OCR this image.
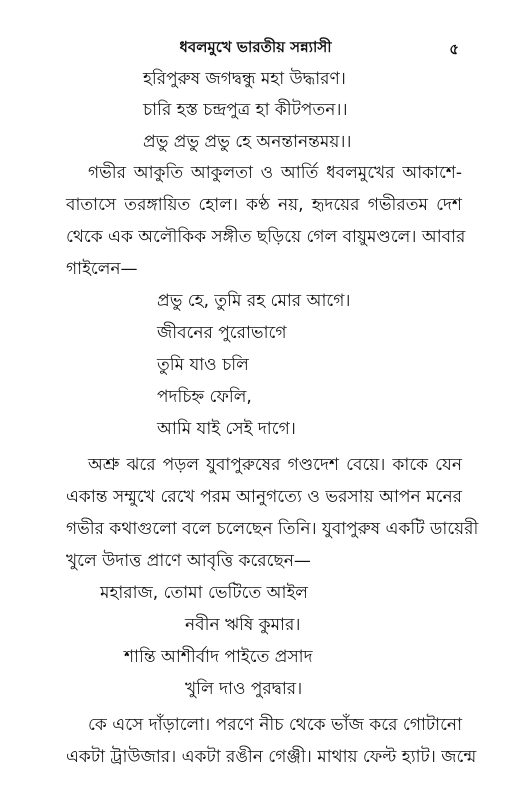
ধবলমুখে ভারতীয় সন্ন্যাসী	৫
হরিপুরুষ জগদ্বন্ধু মহা উদ্ধারণ।
চারি হস্ত চন্দ্রপুত্র হা কীটপতন।।
প্রভু প্রভু প্রভু হে অনন্তানন্তময়।।
গভীর আকুতি আকুলতা ও আর্তি ধবলমুখের আকাশে-
বাতাসে তরঙ্গায়িত হোল। কণ্ঠ নয়, হৃদয়ের গভীরতম দেশ
থেকে এক অলৌকিক সঙ্গীত ছড়িয়ে গেল বায়ুমণ্ডলে। আবার
গাইলেন—
প্রভু হে, তুমি রহ মোর আগে।
জীবনের পুরোভাগে
তুমি যাও চলি
পদচিহ্ন ফেলি,
আমি যাই সেই দাগে।
অশ্রু ঝরে পড়ল যুবাপুরুষের গণ্ডদেশ বেয়ে। কাকে যেন
একান্ত সম্মুখে রেখে পরম আনুগত্যে ও ভরসায় আপন মনের
গভীর কথাগুলো বলে চলেছেন তিনি। যুবাপুরুষ একটি ডায়েরী
খুলে উদাত্ত প্রাণে আবৃত্তি করেছেন—
মহারাজ, তোমা ভেটিতে আইল
নবীন ঋষি কুমার।
শান্তি আশীর্বাদ পাইতে প্রসাদ
খুলি দাও পুরদ্বার।
কে এসে দাঁড়ালো। পরণে নীচ থেকে ভাঁজ করে গোটানো
একটা ট্রাউজার। একটা রঙীন গেঞ্জী। মাথায় ফেল্ট হ্যাট। জন্মে
